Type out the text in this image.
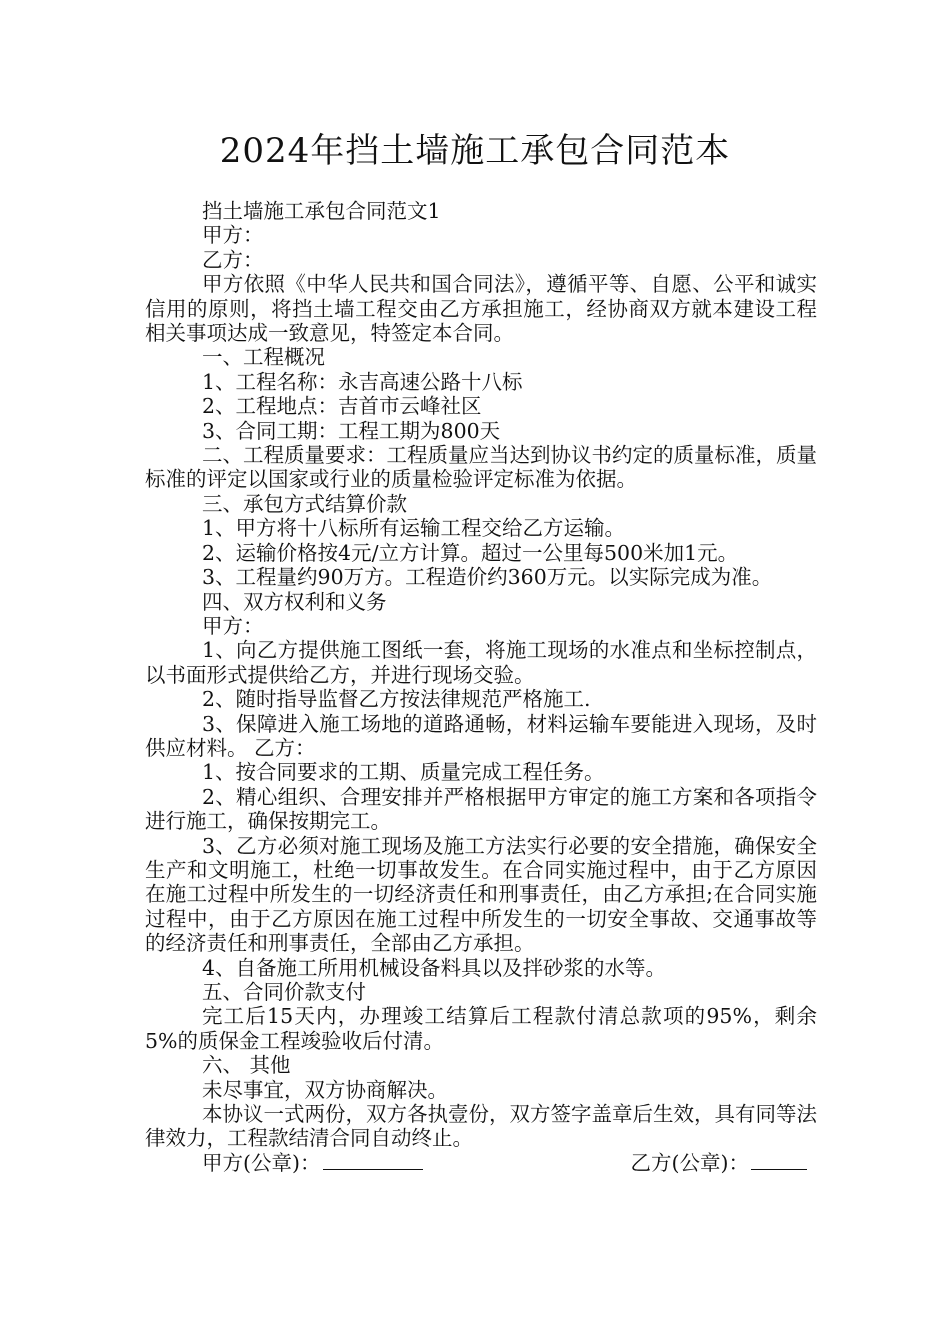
2024年挡土墙施工承包合同范本

挡土墙施工承包合同范文1

甲方：

乙方：

甲方依照《中华人民共和国合同法》，遵循平等、自愿、公平和诚实信用的原则，将挡土墙工程交由乙方承担施工，经协商双方就本建设工程相关事项达成一致意见，特签定本合同。

一、工程概况

1、工程名称：永吉高速公路十八标

2、工程地点：吉首市云峰社区

3、合同工期：工程工期为800天

二、工程质量要求：工程质量应当达到协议书约定的质量标准，质量标准的评定以国家或行业的质量检验评定标准为依据。

三、承包方式结算价款

1、甲方将十八标所有运输工程交给乙方运输。

2、运输价格按4元/立方计算。超过一公里每500米加1元。

3、工程量约90万方。工程造价约360万元。以实际完成为准。

四、双方权利和义务

甲方：

1、向乙方提供施工图纸一套，将施工现场的水准点和坐标控制点，以书面形式提供给乙方，并进行现场交验。

2、随时指导监督乙方按法律规范严格施工.

3、保障进入施工场地的道路通畅，材料运输车要能进入现场，及时供应材料。 乙方：

1、按合同要求的工期、质量完成工程任务。

2、精心组织、合理安排并严格根据甲方审定的施工方案和各项指令进行施工，确保按期完工。

3、乙方必须对施工现场及施工方法实行必要的安全措施，确保安全生产和文明施工，杜绝一切事故发生。在合同实施过程中，由于乙方原因在施工过程中所发生的一切经济责任和刑事责任，由乙方承担;在合同实施过程中，由于乙方原因在施工过程中所发生的一切安全事故、交通事故等的经济责任和刑事责任，全部由乙方承担。

4、自备施工所用机械设备料具以及拌砂浆的水等。

五、合同价款支付

完工后15天内，办理竣工结算后工程款付清总款项的95%，剩余5%的质保金工程竣验收后付清。

六、 其他

未尽事宜，双方协商解决。

本协议一式两份，双方各执壹份，双方签字盖章后生效，具有同等法律效力，工程款结清合同自动终止。

甲方(公章)：	乙方(公章)：
